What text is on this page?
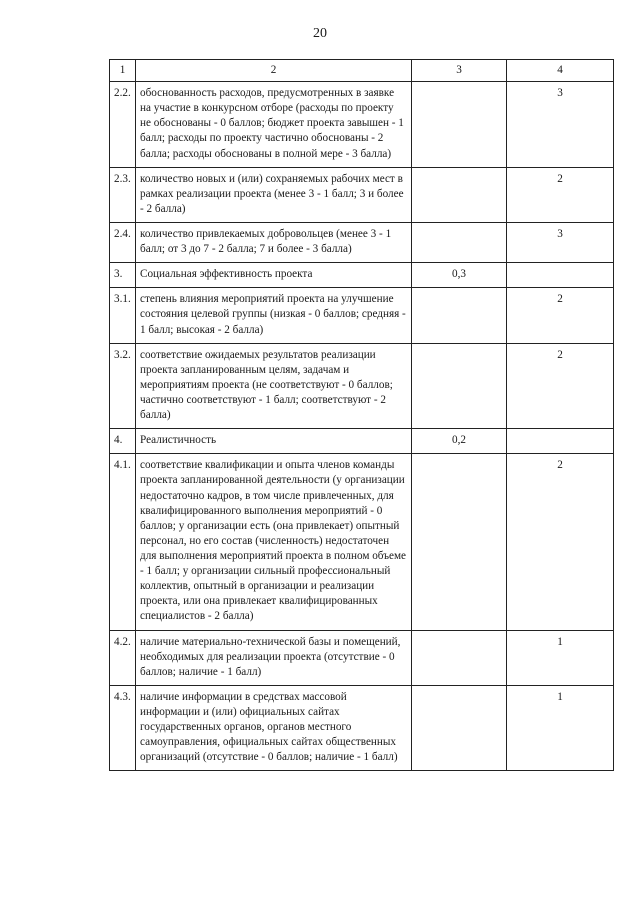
20
1	2	3	4
2.2.	обоснованность расходов, предусмотренных в заявке на участие в конкурсном отборе (расходы по проекту не обоснованы - 0 баллов; бюджет проекта завышен - 1 балл; расходы по проекту частично обоснованы - 2 балла; расходы обоснованы в полной мере - 3 балла)		3
2.3.	количество новых и (или) сохраняемых рабочих мест в рамках реализации проекта (менее 3 - 1 балл; 3 и более - 2 балла)		2
2.4.	количество привлекаемых добровольцев (менее 3 - 1 балл; от 3 до 7 - 2 балла; 7 и более - 3 балла)		3
3.	Социальная эффективность проекта	0,3	
3.1.	степень влияния мероприятий проекта на улучшение состояния целевой группы (низкая - 0 баллов; средняя - 1 балл; высокая - 2 балла)		2
3.2.	соответствие ожидаемых результатов реализации проекта запланированным целям, задачам и мероприятиям проекта (не соответствуют - 0 баллов; частично соответствуют - 1 балл; соответствуют - 2 балла)		2
4.	Реалистичность	0,2	
4.1.	соответствие квалификации и опыта членов команды проекта запланированной деятельности (у организации недостаточно кадров, в том числе привлеченных, для квалифицированного выполнения мероприятий - 0 баллов; у организации есть (она привлекает) опытный персонал, но его состав (численность) недостаточен для выполнения мероприятий проекта в полном объеме - 1 балл; у организации сильный профессиональный коллектив, опытный в организации и реализации проекта, или она привлекает квалифицированных специалистов - 2 балла)		2
4.2.	наличие материально-технической базы и помещений, необходимых для реализации проекта (отсутствие - 0 баллов; наличие - 1 балл)		1
4.3.	наличие информации в средствах массовой информации и (или) официальных сайтах государственных органов, органов местного самоуправления, официальных сайтах общественных организаций (отсутствие - 0 баллов; наличие - 1 балл)		1
